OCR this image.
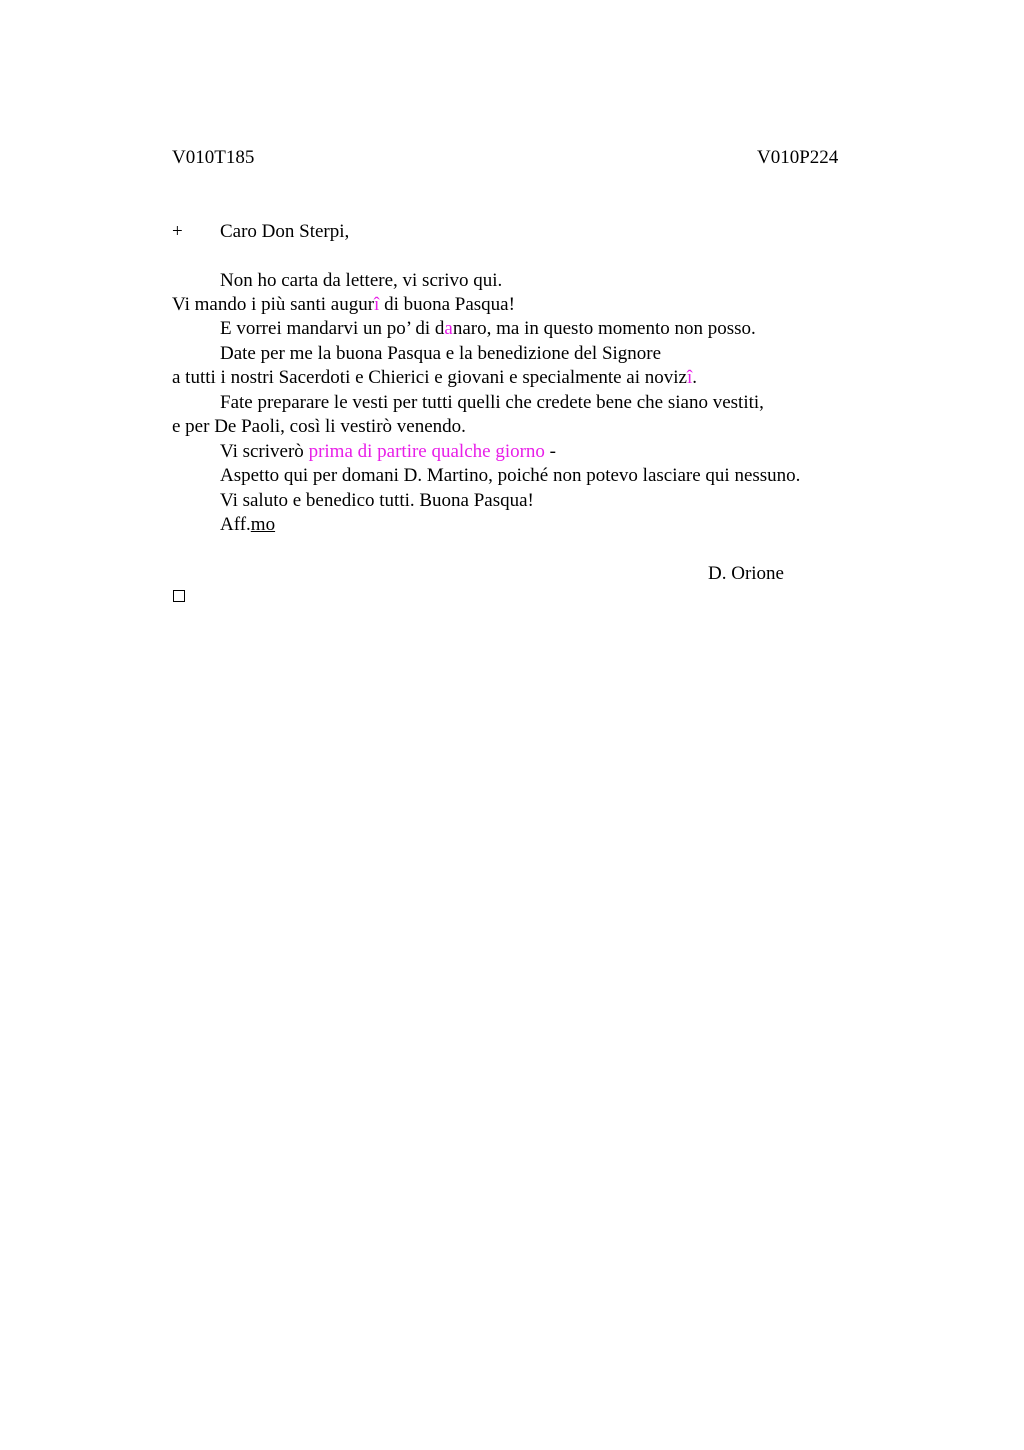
V010T185	V010P224
+ Caro Don Sterpi,
Non ho carta da lettere, vi scrivo qui.
Vi mando i più santi augurî di buona Pasqua!
E vorrei mandarvi un po’ di danaro, ma in questo momento non posso.
Date per me la buona Pasqua e la benedizione del Signore
a tutti i nostri Sacerdoti e Chierici e giovani e specialmente ai novizî.
Fate preparare le vesti per tutti quelli che credete bene che siano vestiti,
e per De Paoli, così li vestirò venendo.
Vi scriverò prima di partire qualche giorno -
Aspetto qui per domani D. Martino, poiché non potevo lasciare qui nessuno.
Vi saluto e benedico tutti. Buona Pasqua!
Aff.mo
D. Orione
